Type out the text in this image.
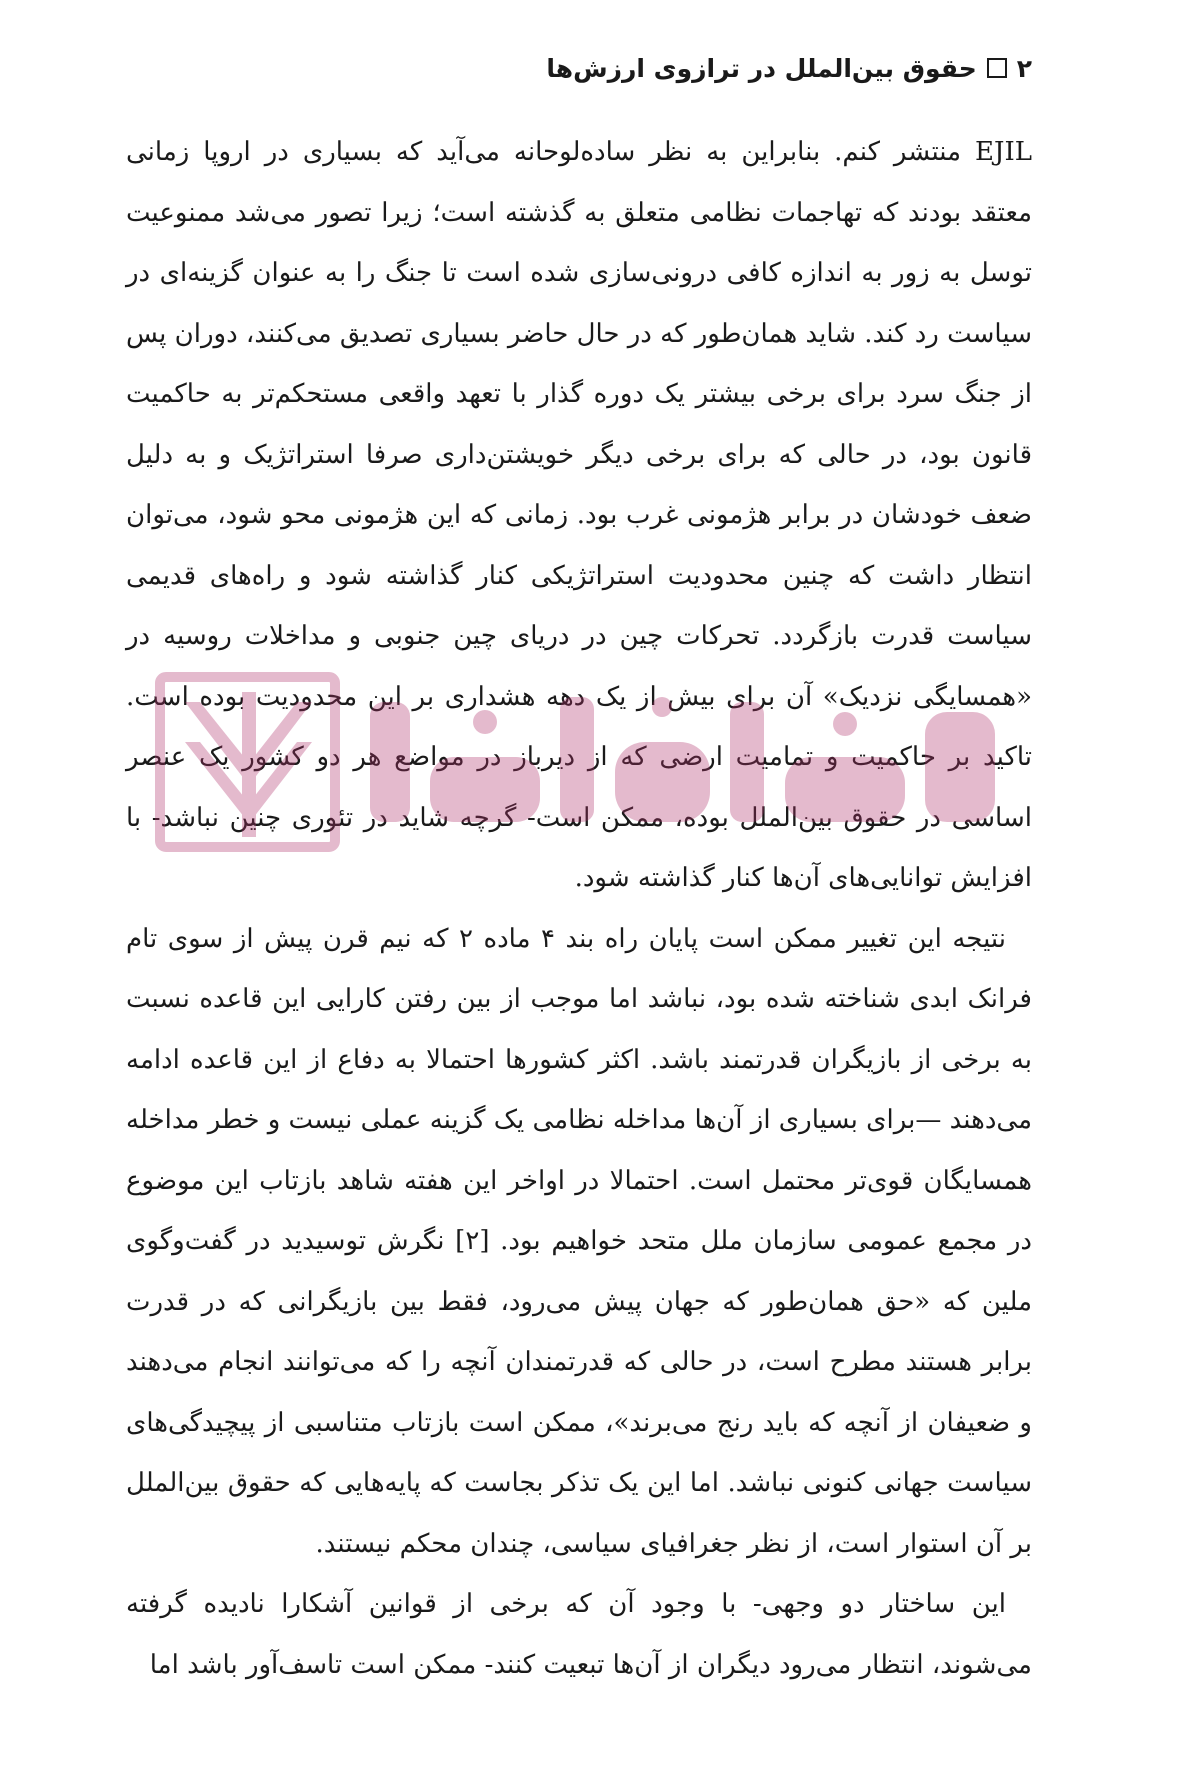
۲
حقوق بین‌الملل در ترازوی ارزش‌ها

EJIL منتشر کنم. بنابراین به نظر ساده‌لوحانه می‌آید که بسیاری در اروپا زمانی معتقد بودند که تهاجمات نظامی متعلق به گذشته است؛ زیرا تصور می‌شد ممنوعیت توسل به زور به اندازه کافی درونی‌سازی شده است تا جنگ را به عنوان گزینه‌ای در سیاست رد کند. شاید همان‌طور که در حال حاضر بسیاری تصدیق می‌کنند، دوران پس از جنگ سرد برای برخی بیشتر یک دوره گذار با تعهد واقعی مستحکم‌تر به حاکمیت قانون بود، در حالی که برای برخی دیگر خویشتن‌داری صرفا استراتژیک و به دلیل ضعف خودشان در برابر هژمونی غرب بود. زمانی که این هژمونی محو شود، می‌توان انتظار داشت که چنین محدودیت استراتژیکی کنار گذاشته شود و راه‌های قدیمی سیاست قدرت بازگردد. تحرکات چین در دریای چین جنوبی و مداخلات روسیه در «همسایگی نزدیک» آن برای بیش از یک دهه هشداری بر این محدودیت بوده است. تاکید بر حاکمیت و تمامیت ارضی که از دیرباز در مواضع هر دو کشور یک عنصر اساسی در حقوق بین‌الملل بوده، ممکن است- گرچه شاید در تئوری چنین نباشد- با افزایش توانایی‌های آن‌ها کنار گذاشته شود.

نتیجه این تغییر ممکن است پایان راه بند ۴ ماده ۲ که نیم قرن پیش از سوی تام فرانک ابدی شناخته شده بود، نباشد اما موجب از بین رفتن کارایی این قاعده نسبت به برخی از بازیگران قدرتمند باشد. اکثر کشورها احتمالا به دفاع از این قاعده ادامه می‌دهند —برای بسیاری از آن‌ها مداخله نظامی یک گزینه عملی نیست و خطر مداخله همسایگان قوی‌تر محتمل است. احتمالا در اواخر این هفته شاهد بازتاب این موضوع در مجمع عمومی سازمان ملل متحد خواهیم بود. [۲] نگرش توسیدید در گفت‌وگوی ملین که «حق همان‌طور که جهان پیش می‌رود، فقط بین بازیگرانی که در قدرت برابر هستند مطرح است، در حالی که قدرتمندان آنچه را که می‌توانند انجام می‌دهند و ضعیفان از آنچه که باید رنج می‌برند»، ممکن است بازتاب متناسبی از پیچیدگی‌های سیاست جهانی کنونی نباشد. اما این یک تذکر بجاست که پایه‌هایی که حقوق بین‌الملل بر آن استوار است، از نظر جغرافیای سیاسی، چندان محکم نیستند.

این ساختار دو وجهی- با وجود آن که برخی از قوانین آشکارا نادیده گرفته می‌شوند، انتظار می‌رود دیگران از آن‌ها تبعیت کنند- ممکن است تاسف‌آور باشد اما
